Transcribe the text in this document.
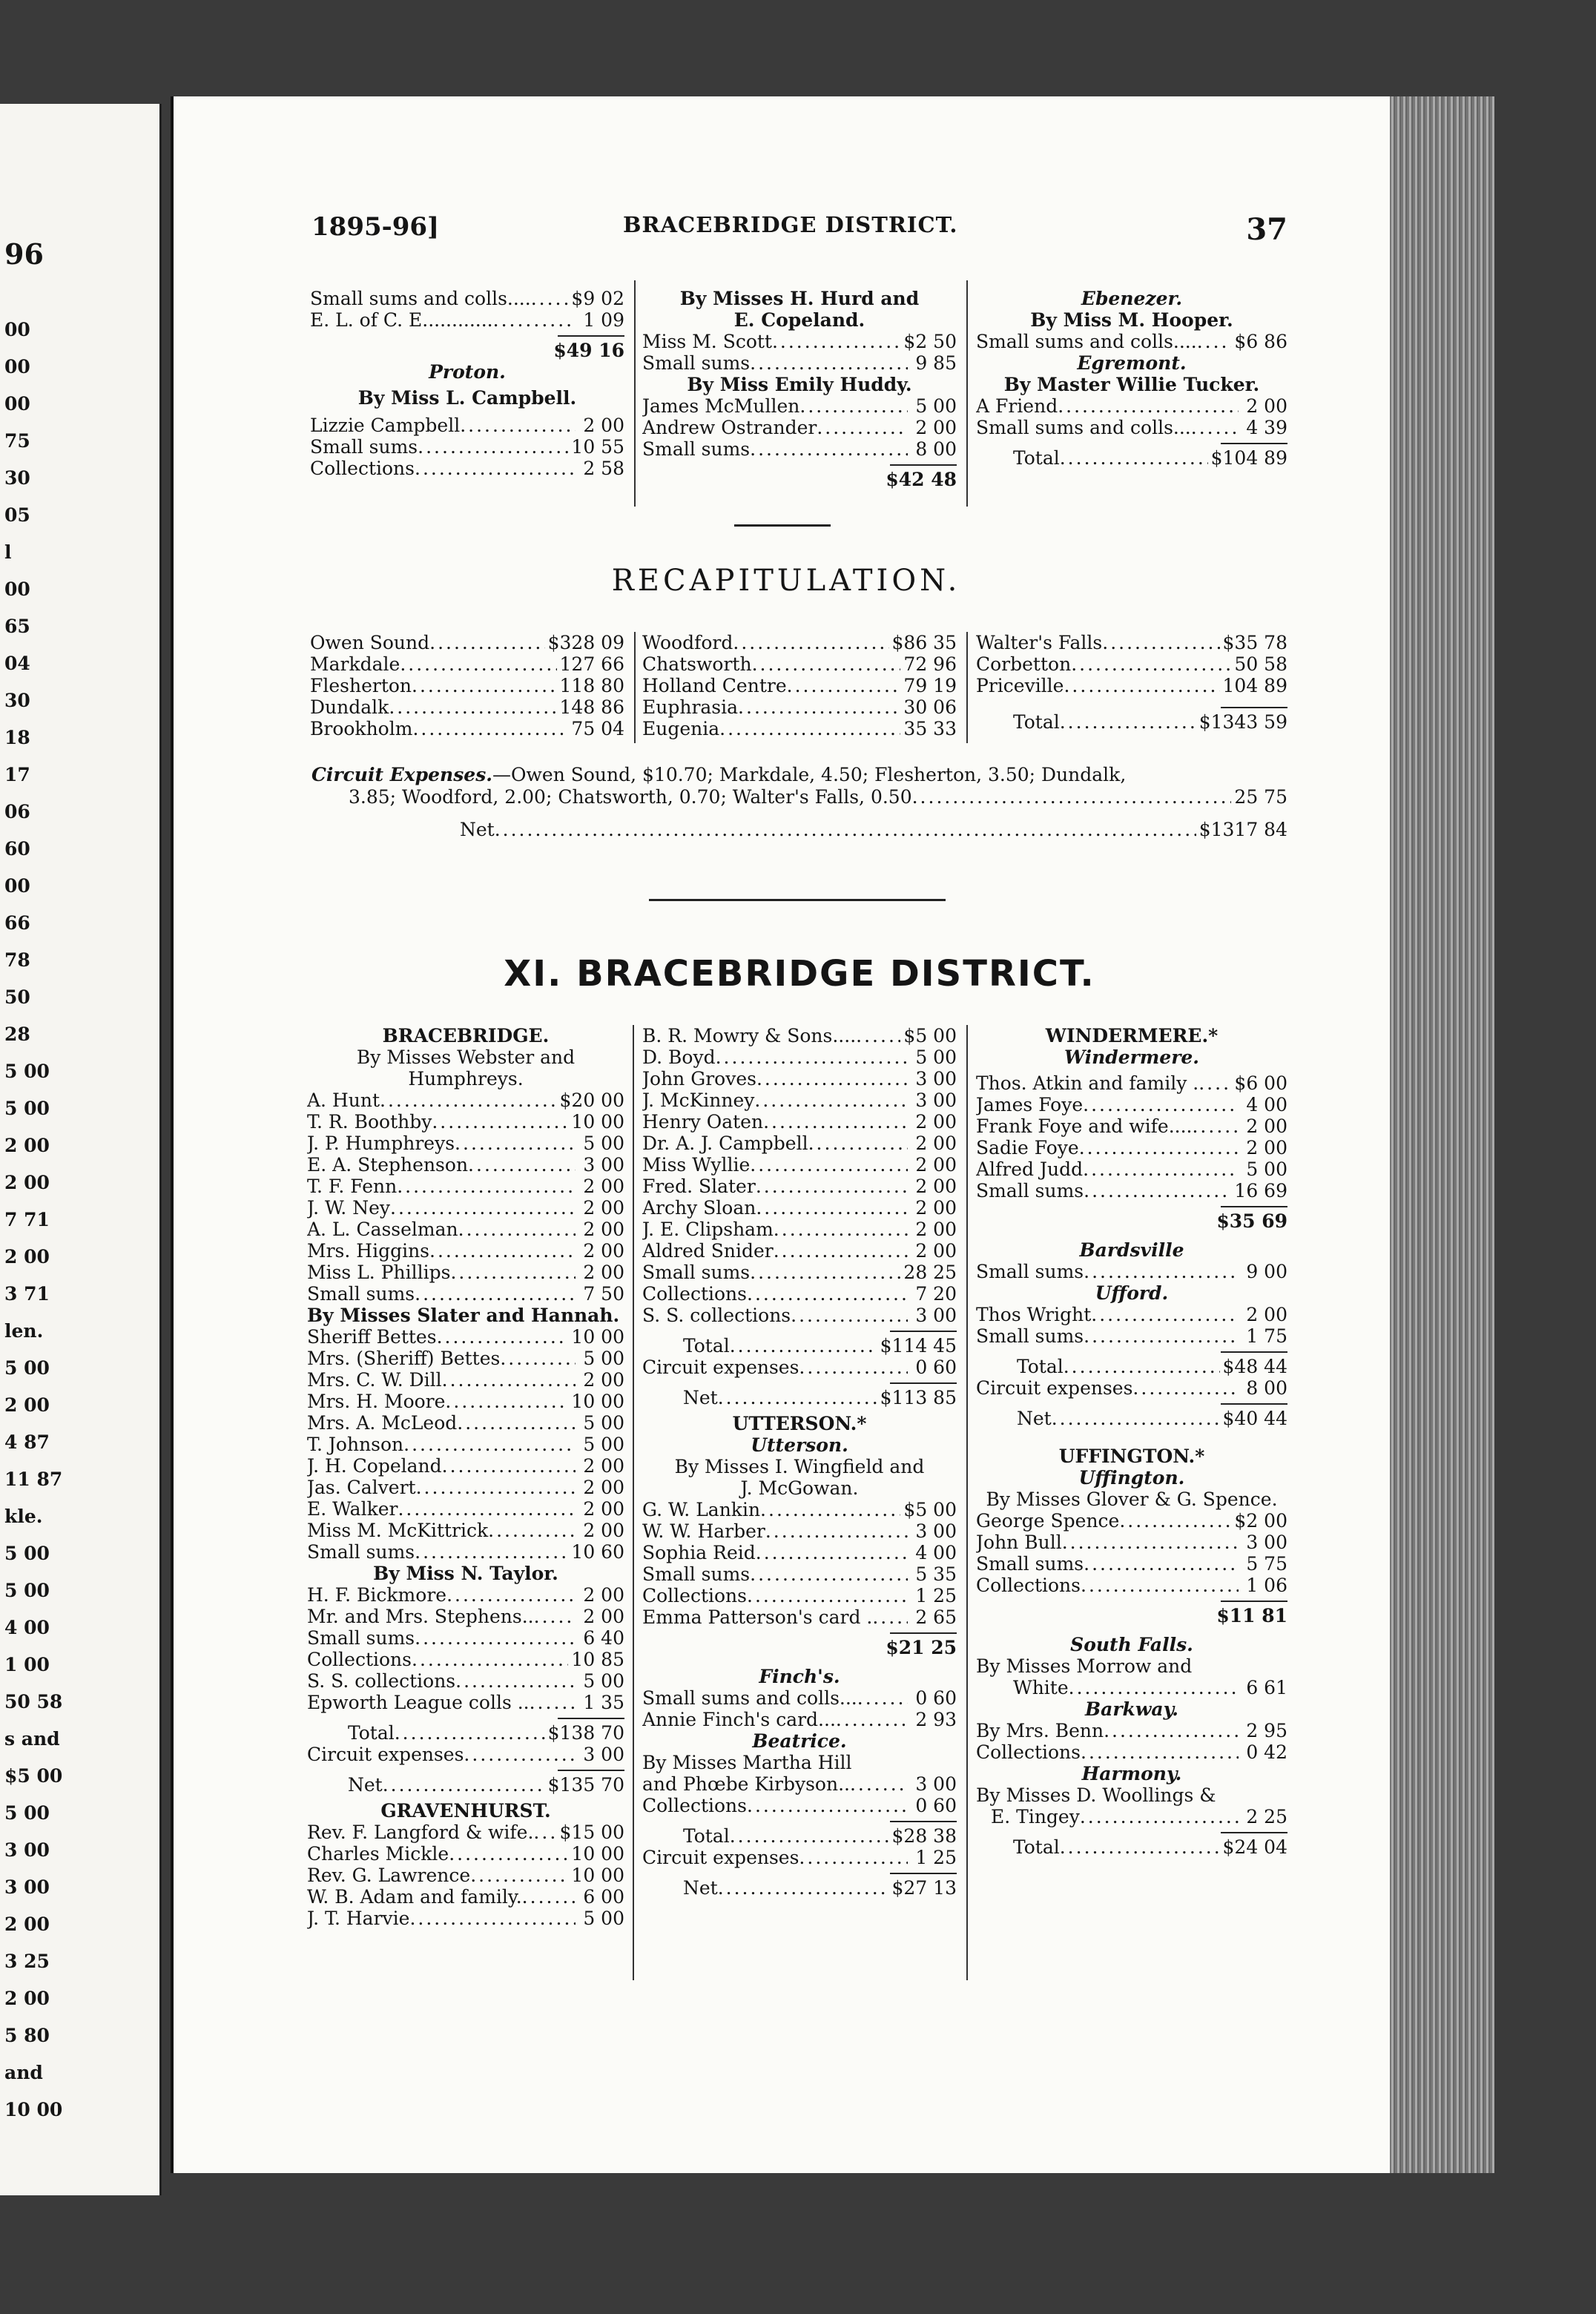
96
00
00
00
75
30
05
l
00
65
04
30
18
17
06
60
00
66
78
50
28
5 00
5 00
2 00
2 00
7 71
2 00
3 71
len.
5 00
2 00
4 87
11 87
kle.
5 00
5 00
4 00
1 00
50 58
s and
$5 00
5 00
3 00
3 00
2 00
3 25
2 00
5 80
and
10 00
1895-96]	BRACEBRIDGE DISTRICT.	37
Small sums and colls.... ..... $9 02
E. L. of C. E............ .....	1 09
$49 16
Proton.
By Miss L. Campbell.
Lizzie Campbell .....	2 00
Small sums .....	10 55
Collections .....	2 58
By Misses H. Hurd and
E. Copeland.
Miss M. Scott .....	$2 50
Small sums .....	9 85
By Miss Emily Huddy.
James McMullen .....	5 00
Andrew Ostrander .....	2 00
Small sums .....	8 00
$42 48
Ebenezer.
By Miss M. Hooper.
Small sums and colls.... ..... $6 86
Egremont.
By Master Willie Tucker.
A Friend .....	2 00
Small sums and colls... .....	4 39
Total .....	$104 89
RECAPITULATION.
Owen Sound .....	$328 09
Markdale .....	127 66
Flesherton .....	118 80
Dundalk .....	148 86
Brookholm .....	75 04
Woodford .....	$86 35
Chatsworth .....	72 96
Holland Centre .....	79 19
Euphrasia .....	30 06
Eugenia .....	35 33
Walter's Falls .....	$35 78
Corbetton .....	50 58
Priceville .....	104 89
Total .....	$1343 59
Circuit Expenses.—Owen Sound, $10.70; Markdale, 4.50; Flesherton, 3.50; Dundalk,
3.85; Woodford, 2.00; Chatsworth, 0.70; Walter's Falls, 0.50 .....	25 75
Net .....	$1317 84
XI. BRACEBRIDGE DISTRICT.
BRACEBRIDGE.
By Misses Webster and
Humphreys.
A. Hunt .....	$20 00
T. R. Boothby .....	10 00
J. P. Humphreys .....	5 00
E. A. Stephenson .....	3 00
T. F. Fenn .....	2 00
J. W. Ney .....	2 00
A. L. Casselman .....	2 00
Mrs. Higgins .....	2 00
Miss L. Phillips .....	2 00
Small sums .....	7 50
By Misses Slater and Hannah.
Sheriff Bettes .....	10 00
Mrs. (Sheriff) Bettes .....	5 00
Mrs. C. W. Dill .....	2 00
Mrs. H. Moore .....	10 00
Mrs. A. McLeod .....	5 00
T. Johnson .....	5 00
J. H. Copeland .....	2 00
Jas. Calvert .....	2 00
E. Walker .....	2 00
Miss M. McKittrick .....	2 00
Small sums .....	10 60
By Miss N. Taylor.
H. F. Bickmore .....	2 00
Mr. and Mrs. Stephens.. .....	2 00
Small sums .....	6 40
Collections .....	10 85
S. S. collections .....	5 00
Epworth League colls .. .....	1 35
Total .....	$138 70
Circuit expenses .....	3 00
Net .....	$135 70
GRAVENHURST.
Rev. F. Langford & wife. ..... $15 00
Charles Mickle .....	10 00
Rev. G. Lawrence .....	10 00
W. B. Adam and family. .....	6 00
J. T. Harvie .....	5 00
B. R. Mowry & Sons.... .....	$5 00
D. Boyd .....	5 00
John Groves .....	3 00
J. McKinney .....	3 00
Henry Oaten .....	2 00
Dr. A. J. Campbell .....	2 00
Miss Wyllie .....	2 00
Fred. Slater .....	2 00
Archy Sloan .....	2 00
J. E. Clipsham .....	2 00
Aldred Snider .....	2 00
Small sums .....	28 25
Collections .....	7 20
S. S. collections .....	3 00
Total .....	$114 45
Circuit expenses .....	0 60
Net .....	$113 85
UTTERSON.*
Utterson.
By Misses I. Wingfield and
J. McGowan.
G. W. Lankin .....	$5 00
W. W. Harber .....	3 00
Sophia Reid .....	4 00
Small sums .....	5 35
Collections .....	1 25
Emma Patterson's card . .....	2 65
$21 25
Finch's.
Small sums and colls... .....	0 60
Annie Finch's card... .....	2 93
Beatrice.
By Misses Martha Hill
and Phœbe Kirbyson.. .....	3 00
Collections .....	0 60
Total .....	$28 38
Circuit expenses .....	1 25
Net .....	$27 13
WINDERMERE.*
Windermere.
Thos. Atkin and family . ..... $6 00
James Foye .....	4 00
Frank Foye and wife.... .....	2 00
Sadie Foye .....	2 00
Alfred Judd .....	5 00
Small sums .....	16 69
$35 69
Bardsville
Small sums .....	9 00
Ufford.
Thos Wright .....	2 00
Small sums .....	1 75
Total .....	$48 44
Circuit expenses .....	8 00
Net .....	$40 44
UFFINGTON.*
Uffington.
By Misses Glover & G. Spence.
George Spence .....	$2 00
John Bull .....	3 00
Small sums .....	5 75
Collections .....	1 06
$11 81
South Falls.
By Misses Morrow and
White .....	6 61
Barkway.
By Mrs. Benn .....	2 95
Collections .....	0 42
Harmony.
By Misses D. Woollings &
E. Tingey .....	2 25
Total .....	$24 04
